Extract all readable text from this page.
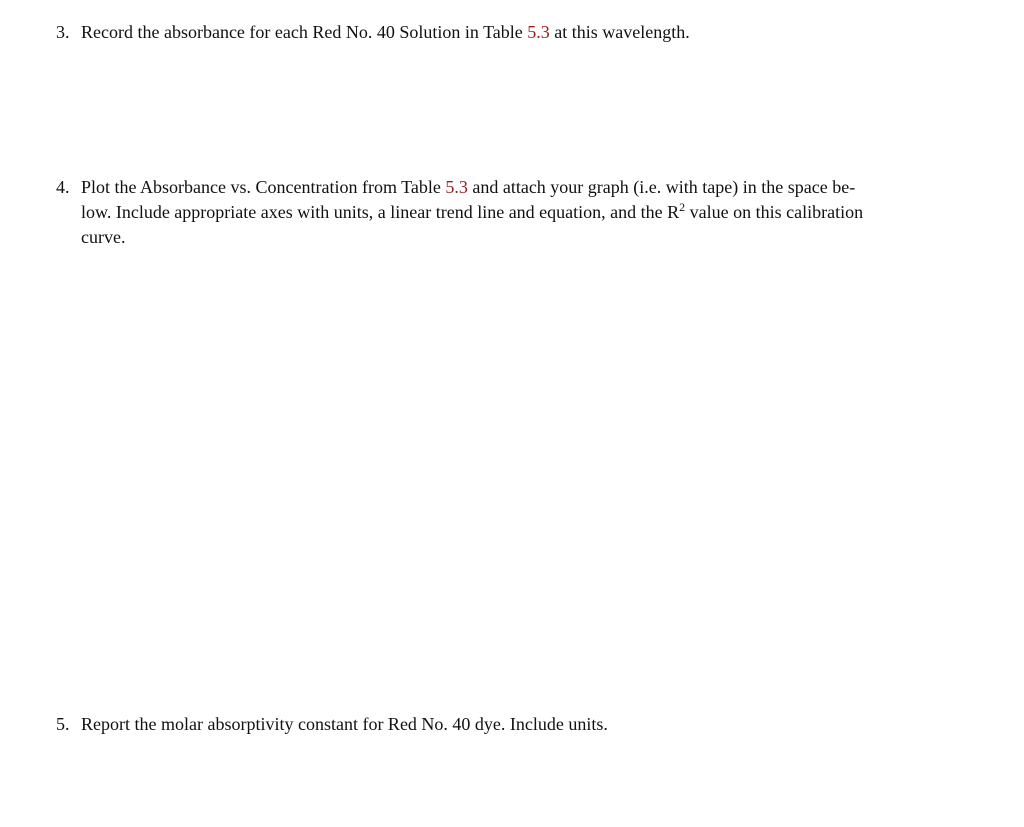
3. Record the absorbance for each Red No. 40 Solution in Table 5.3 at this wavelength.
4. Plot the Absorbance vs. Concentration from Table 5.3 and attach your graph (i.e. with tape) in the space be-
low. Include appropriate axes with units, a linear trend line and equation, and the $R^2$ value on this calibration
curve.
5. Report the molar absorptivity constant for Red No. 40 dye. Include units.
